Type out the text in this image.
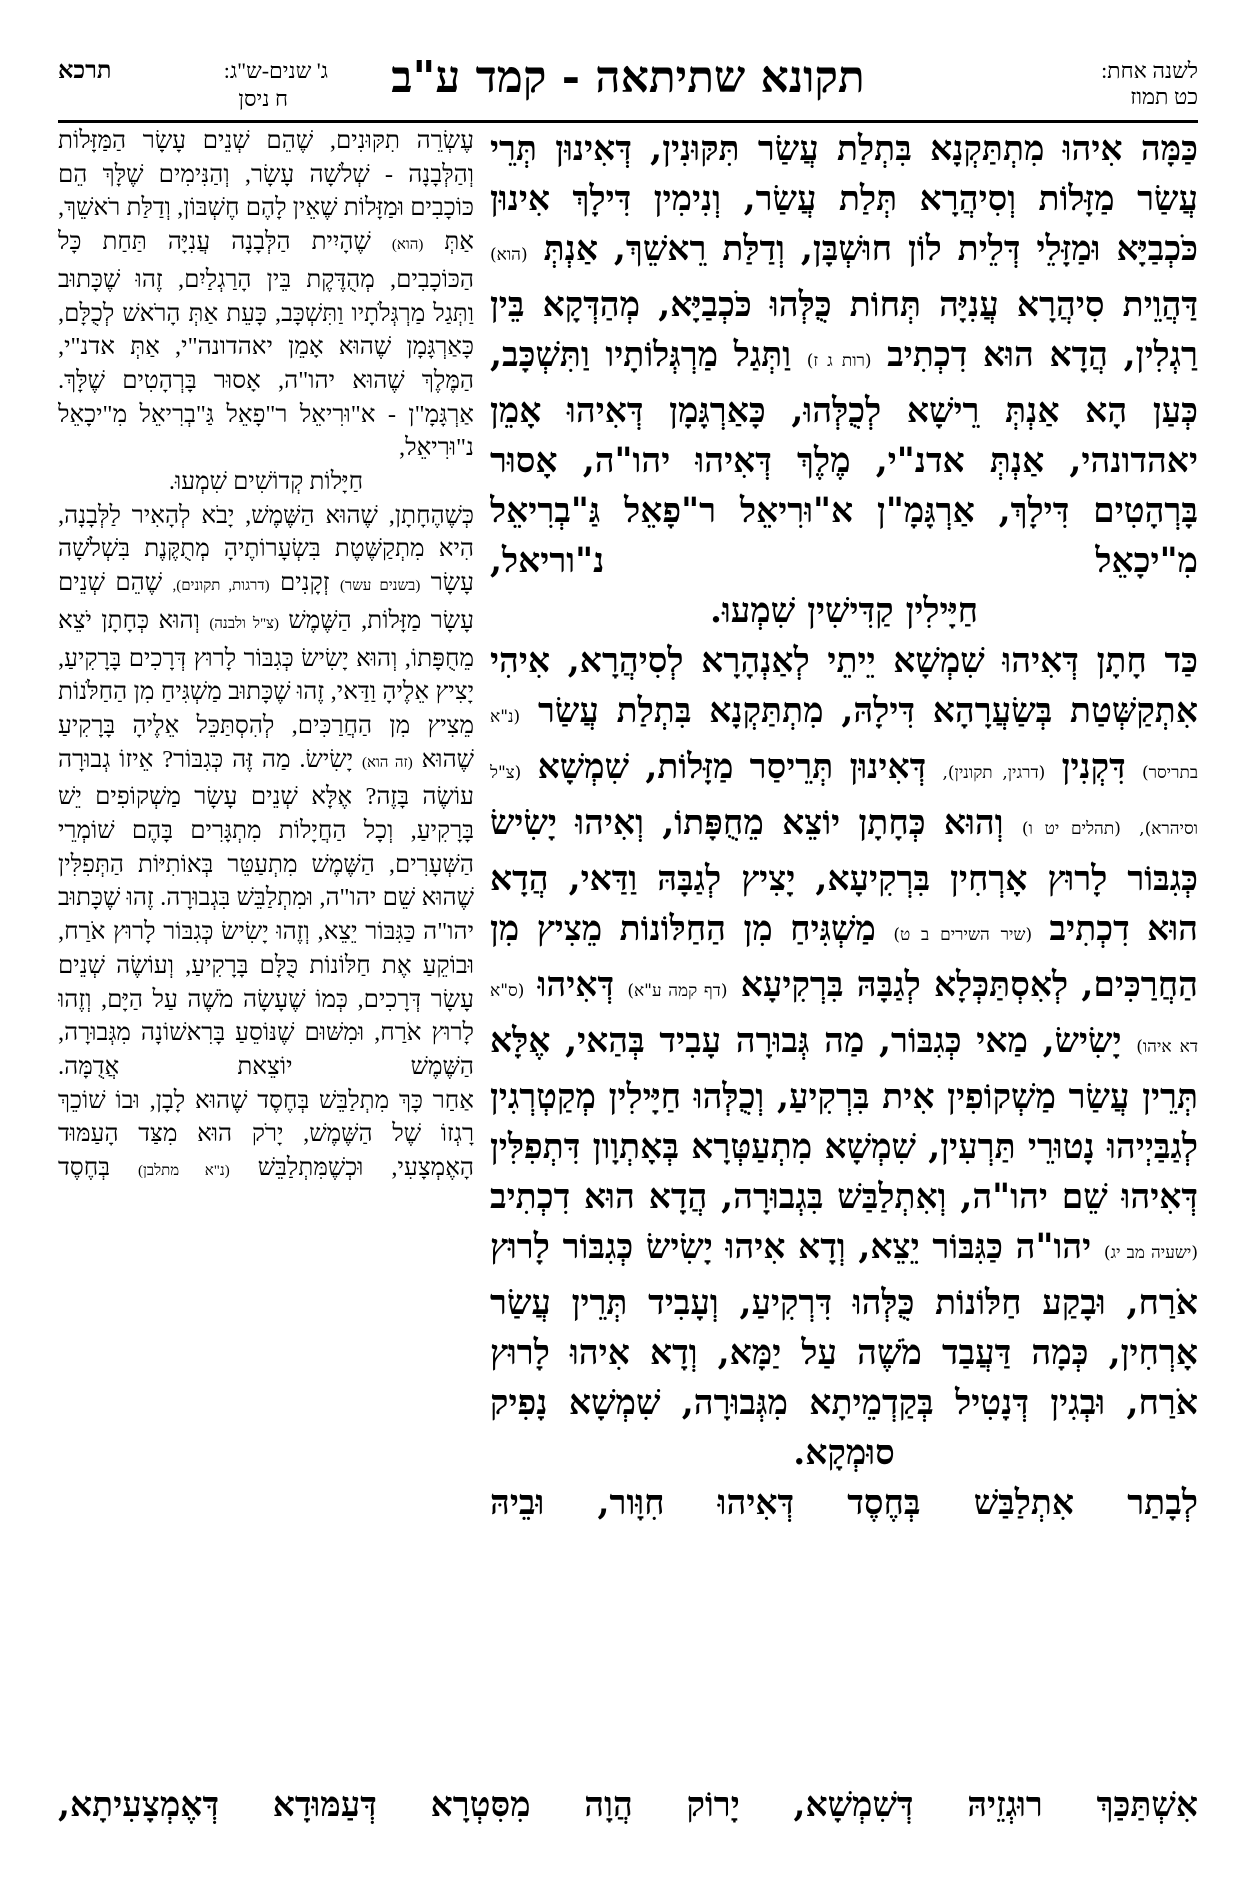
לשנה אחת:
כט תמוז
תקונא שתיתאה - קמד ע"ב
ג' שנים-ש"ג:
ח ניסן
תרכא

כַּמָּה אִיהוּ מִתְתַּקְנָא בִּתְלַת עֲשַׂר תִּקּוּנִין, דְּאִינוּן תְּרֵי עֲשַׂר מַזָּלוֹת וְסִיהֲרָא תְּלַת עֲשַׂר, וְנִימִין דִּילָךְ אִינוּן כֹּכְבַיָּא וּמַזָּלֵי דְּלֵית לוֹן חוּשְׁבָּן, וְדַלַּת רֵאשֵׁךְ, אַנְתְּ (הוא) דַּהֲוֵית סִיהֲרָא עֲנִיָּה תְּחוֹת כֻּלְּהוּ כֹּכְבַיָּא, מְהַדְּקָא בֵּין רַגְלִין, הֲדָא הוּא דִכְתִיב (רות ג ז) וַתְּגַל מַרְגְּלוֹתָיו וַתִּשְׁכָּב, כְּעַן הָא אַנְתְּ רֵישָׁא לְכֻלְּהוּ, כָּאַרְגָּמָן דְּאִיהוּ אָמֵן יאהדונהי, אַנְתְּ אדנ"י, מֶלֶךְ דְּאִיהוּ יהו"ה, אָסוּר בָּרְהָטִים דִּילָךְ, אַרְגָּמָ"ן א"וּרִיאֵל ר"פָאֵל גַּ"בְרִיאֵל מִ"יכָאֵל נ"וריאל,

חַיָּילִין קַדִּישִׁין שִׁמְעוּ.

כַּד חָתָן דְּאִיהוּ שִׁמְשָׁא יֵיתֵי לְאַנְהָרָא לְסִיהֲרָא, אִיהִי אִתְקַשְּׁטַת בְּשַׂעֲרָהָא דִּילָהּ, מִתְתַּקְנָא בִּתְלַת עֲשַׂר (נ"א בתריסר) דִּקְנִין (דרגין, תקונין), דְּאִינוּן תְּרֵיסַר מַזָּלוֹת, שִׁמְשָׁא (צ"ל וסיהרא), (תהלים יט ו) וְהוּא כְּחָתָן יוֹצֵא מֵחֻפָּתוֹ, וְאִיהוּ יָשִׂישׂ כְּגִבּוֹר לָרוּץ אָרְחִין בִּרְקִיעָא, יָצִיץ לְגַבָּהּ וַדַּאי, הֲדָא הוּא דִכְתִיב (שיר השירים ב ט) מַשְׁגִּיחַ מִן הַחַלּוֹנוֹת מֵצִיץ מִן הַחֲרַכִּים, לְאִסְתַּכְּלָא לְגַבָּהּ בִּרְקִיעָא (דף קמה ע"א) דְּאִיהוּ (ס"א דא איהו) יָשִׂישׂ, מַאי כְּגִבּוֹר, מַה גְּבוּרָה עָבִיד בְּהַאי, אֶלָּא תְּרֵין עֲשַׂר מַשְׁקוֹפִין אִית בִּרְקִיעַ, וְכֻלְּהוּ חַיָּילִין מְקַטְרְגִין לְגַבַּיְיהוּ נָטוּרֵי תַּרְעִין, שִׁמְשָׁא מִתְעַטְּרָא בְּאָתְוָון דִּתְפִלִּין דְּאִיהוּ שֵׁם יהו"ה, וְאִתְלַבַּשׁ בִּגְבוּרָה, הֲדָא הוּא דִכְתִיב (ישעיה מב יג) יהו"ה כַּגִּבּוֹר יֵצֵא, וְדָא אִיהוּ יָשִׂישׂ כְּגִבּוֹר לָרוּץ אֹרַח, וּבָקַע חַלּוֹנוֹת כֻּלְּהוּ דִּרְקִיעַ, וְעָבִיד תְּרֵין עֲשַׂר אָרְחִין, כְּמָה דַּעֲבַד מֹשֶׁה עַל יַמָּא, וְדָא אִיהוּ לָרוּץ אֹרַח, וּבְגִין דְּנָטִיל בְּקַדְמֵיתָא מִגְּבוּרָה, שִׁמְשָׁא נָפִיק

סוּמְקָא.

לְבָתַר אִתְלַבַּשׁ בְּחֶסֶד דְּאִיהוּ חִוָּור, וּבֵיהּ

עֶשְׂרֵה תִקּוּנִים, שֶׁהֵם שְׁנֵים עָשָׂר הַמַּזָּלוֹת וְהַלְּבָנָה - שְׁלֹשָׁה עָשָׂר, וְהַנִּימִים שֶׁלָּךְ הֵם כּוֹכָבִים וּמַזָּלוֹת שֶׁאֵין לָהֶם חֶשְׁבּוֹן, וְדַלַּת רֹאשֵׁךְ, אַתְּ (הוא) שֶׁהָיִית הַלְּבָנָה עֲנִיָּה תַּחַת כָּל הַכּוֹכָבִים, מְהֻדֶּקֶת בֵּין הָרַגְלַיִם, זֶהוּ שֶׁכָּתוּב וַתְּגַל מַרְגְּלֹתָיו וַתִּשְׁכָּב, כָּעֵת אַתְּ הָרֹאשׁ לְכֻלָּם, כָּאַרְגָּמָן שֶׁהוּא אָמֵן יאהדונה"י, אַתְּ אדנ"י, הַמֶּלֶךְ שֶׁהוּא יהו"ה, אָסוּר בָּרְהָטִים שֶׁלָּךְ. אַרְגָּמָ"ן - א"וּרִיאֵל ר"פָאֵל גַּ"בְרִיאֵל מִ"יכָאֵל נ"וּרִיאֵל,

חַיָּלוֹת קְדוֹשִׁים שִׁמְעוּ.

כְּשֶׁהֶחָתָן, שֶׁהוּא הַשֶּׁמֶשׁ, יָבֹא לְהָאִיר לַלְּבָנָה, הִיא מִתְקַשֶּׁטֶת בִּשְׂעָרוֹתֶיהָ מְתֻקֶּנֶת בִּשְׁלֹשָׁה עָשָׂר (בשנים עשר) זְקָנִים (דרגות, תקונים), שֶׁהֵם שְׁנֵים עָשָׂר מַזָּלוֹת, הַשֶּׁמֶשׁ (צ"ל ולבנה) וְהוּא כְּחָתָן יֹצֵא מֵחֻפָּתוֹ, וְהוּא יָשִׂישׂ כְּגִבּוֹר לָרוּץ דְּרָכִים בָּרָקִיעַ, יָצִיץ אֵלֶיהָ וַדַּאי, זֶהוּ שֶׁכָּתוּב מַשְׁגִּיחַ מִן הַחַלֹּנוֹת מֵצִיץ מִן הַחֲרַכִּים, לְהִסְתַּכֵּל אֵלֶיהָ בָּרָקִיעַ שֶׁהוּא (זה הוא) יָשִׂישׂ. מַה זֶּה כְּגִבּוֹר? אֵיזוֹ גְבוּרָה עוֹשֶׂה בָּזֶה? אֶלָּא שְׁנֵים עָשָׂר מַשְׁקוֹפִים יֵשׁ בָּרָקִיעַ, וְכָל הַחֲיָלוֹת מִתְגָּרִים בָּהֶם שׁוֹמְרֵי הַשְּׁעָרִים, הַשֶּׁמֶשׁ מִתְעַטֵּר בְּאוֹתִיּוֹת הַתְּפִלִּין שֶׁהוּא שֵׁם יהו"ה, וּמִתְלַבֵּשׁ בִּגְבוּרָה. זֶהוּ שֶׁכָּתוּב יהו"ה כַּגִּבּוֹר יֵצֵא, וְזֶהוּ יָשִׂישׂ כְּגִבּוֹר לָרוּץ אֹרַח, וּבוֹקֵעַ אֶת חַלּוֹנוֹת כֻּלָּם בָּרָקִיעַ, וְעוֹשֶׂה שְׁנֵים עָשָׂר דְּרָכִים, כְּמוֹ שֶׁעָשָׂה מֹשֶׁה עַל הַיָּם, וְזֶהוּ לָרוּץ אֹרַח, וּמִשּׁוּם שֶׁנּוֹסֵעַ בָּרִאשׁוֹנָה מִגְּבוּרָה, הַשֶּׁמֶשׁ יוֹצֵאת אֲדֻמָּה.

אַחַר כָּךְ מִתְלַבֵּשׁ בְּחֶסֶד שֶׁהוּא לָבָן, וּבוֹ שׁוֹכֵךְ רָגְזוֹ שֶׁל הַשֶּׁמֶשׁ, יָרֹק הוּא מִצַּד הָעַמּוּד הָאֶמְצָעִי, וּכְשֶׁמִּתְלַבֵּשׁ (נ"א מתלבן) בְּחֶסֶד

אִשְׁתַּכַּךְ רוּגְזֵיהּ דְּשִׁמְשָׁא, יָרוֹק הֲוָה מִסִּטְרָא דְּעַמּוּדָא דְּאֶמְצָעִיתָא,
